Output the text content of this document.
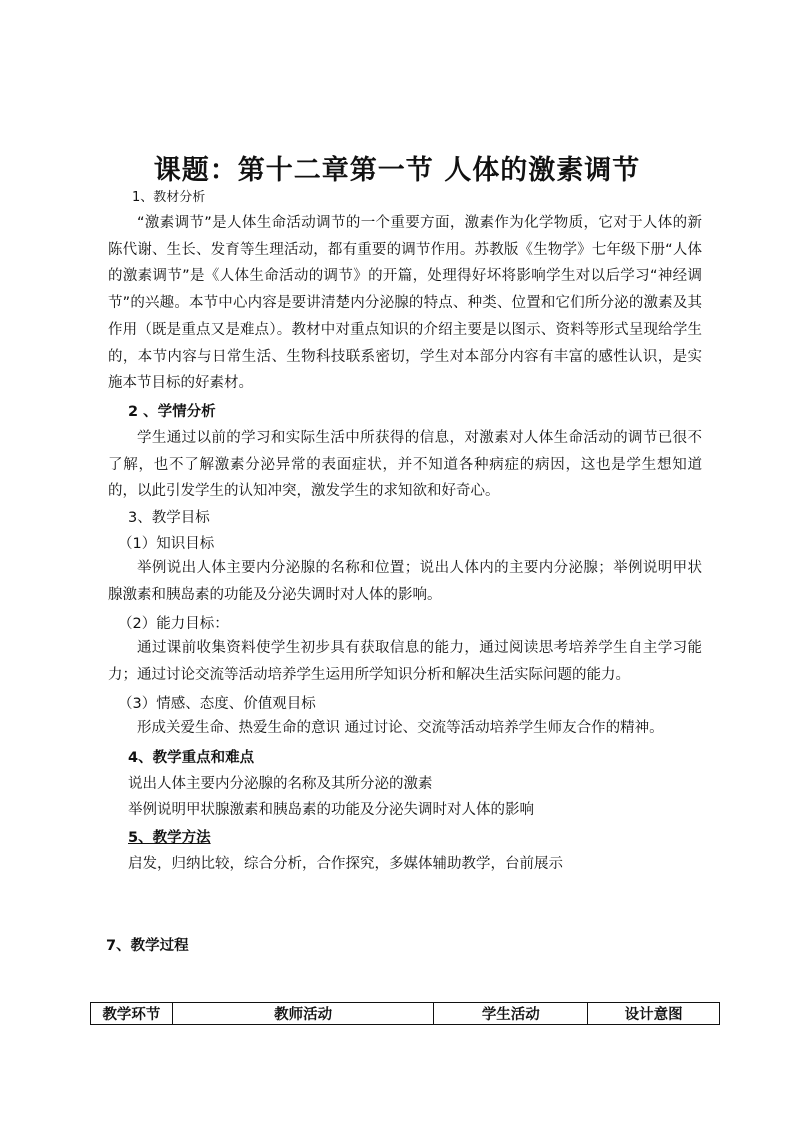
课题：第十二章第一节 人体的激素调节
1、教材分析

“激素调节”是人体生命活动调节的一个重要方面，激素作为化学物质，它对于人体的新陈代谢、生长、发育等生理活动，都有重要的调节作用。苏教版《生物学》七年级下册“人体的激素调节”是《人体生命活动的调节》的开篇，处理得好坏将影响学生对以后学习“神经调节”的兴趣。本节中心内容是要讲清楚内分泌腺的特点、种类、位置和它们所分泌的激素及其作用（既是重点又是难点）。教材中对重点知识的介绍主要是以图示、资料等形式呈现给学生的，本节内容与日常生活、生物科技联系密切，学生对本部分内容有丰富的感性认识，是实施本节目标的好素材。

2 、学情分析

学生通过以前的学习和实际生活中所获得的信息，对激素对人体生命活动的调节已很不了解，也不了解激素分泌异常的表面症状，并不知道各种病症的病因，这也是学生想知道的，以此引发学生的认知冲突，激发学生的求知欲和好奇心。

3、教学目标
（1）知识目标

举例说出人体主要内分泌腺的名称和位置；说出人体内的主要内分泌腺；举例说明甲状腺激素和胰岛素的功能及分泌失调时对人体的影响。

（2）能力目标：

通过课前收集资料使学生初步具有获取信息的能力，通过阅读思考培养学生自主学习能力；通过讨论交流等活动培养学生运用所学知识分析和解决生活实际问题的能力。

（3）情感、态度、价值观目标

形成关爱生命、热爱生命的意识 通过讨论、交流等活动培养学生师友合作的精神。

4、教学重点和难点
说出人体主要内分泌腺的名称及其所分泌的激素
举例说明甲状腺激素和胰岛素的功能及分泌失调时对人体的影响
5、教学方法
启发，归纳比较，综合分析，合作探究，多媒体辅助教学，台前展示
7、教学过程
教学环节	教师活动	学生活动	设计意图
